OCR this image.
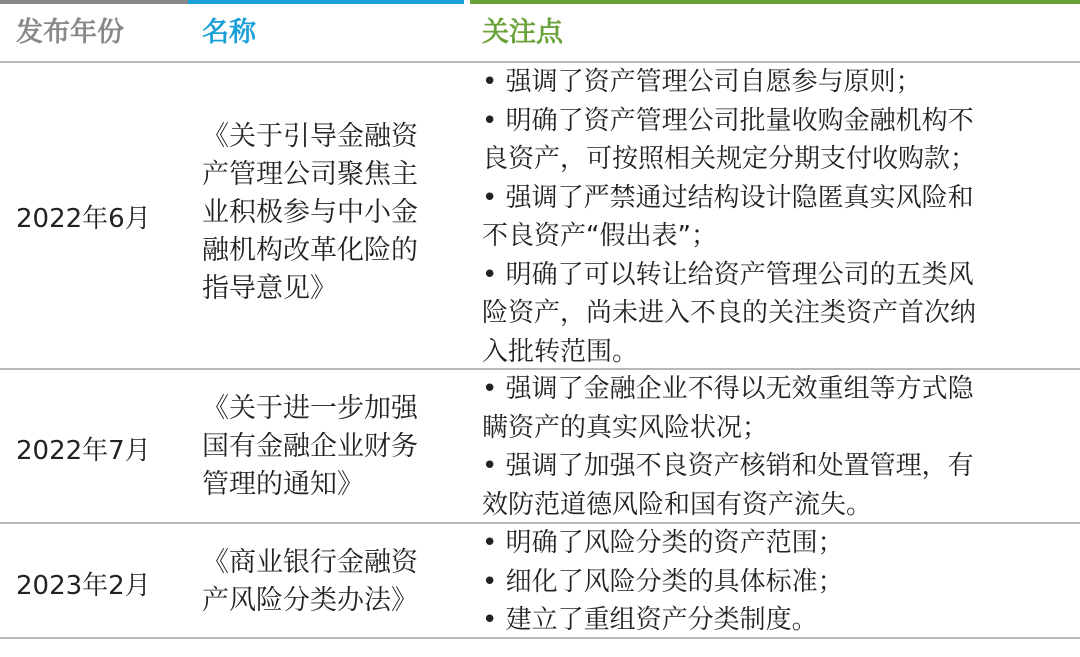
发布年份	名称	关注点
2022年6月
《关于引导金融资
产管理公司聚焦主
业积极参与中小金
融机构改革化险的
指导意见》

• 强调了资产管理公司自愿参与原则；

• 明确了资产管理公司批量收购金融机构不

良资产，可按照相关规定分期支付收购款；

• 强调了严禁通过结构设计隐匿真实风险和

不良资产“假出表”；

• 明确了可以转让给资产管理公司的五类风

险资产，尚未进入不良的关注类资产首次纳

入批转范围。

2022年7月
《关于进一步加强
国有金融企业财务
管理的通知》

• 强调了金融企业不得以无效重组等方式隐

瞒资产的真实风险状况；

• 强调了加强不良资产核销和处置管理，有

效防范道德风险和国有资产流失。

2023年2月
《商业银行金融资
产风险分类办法》

• 明确了风险分类的资产范围；

• 细化了风险分类的具体标准；

• 建立了重组资产分类制度。
